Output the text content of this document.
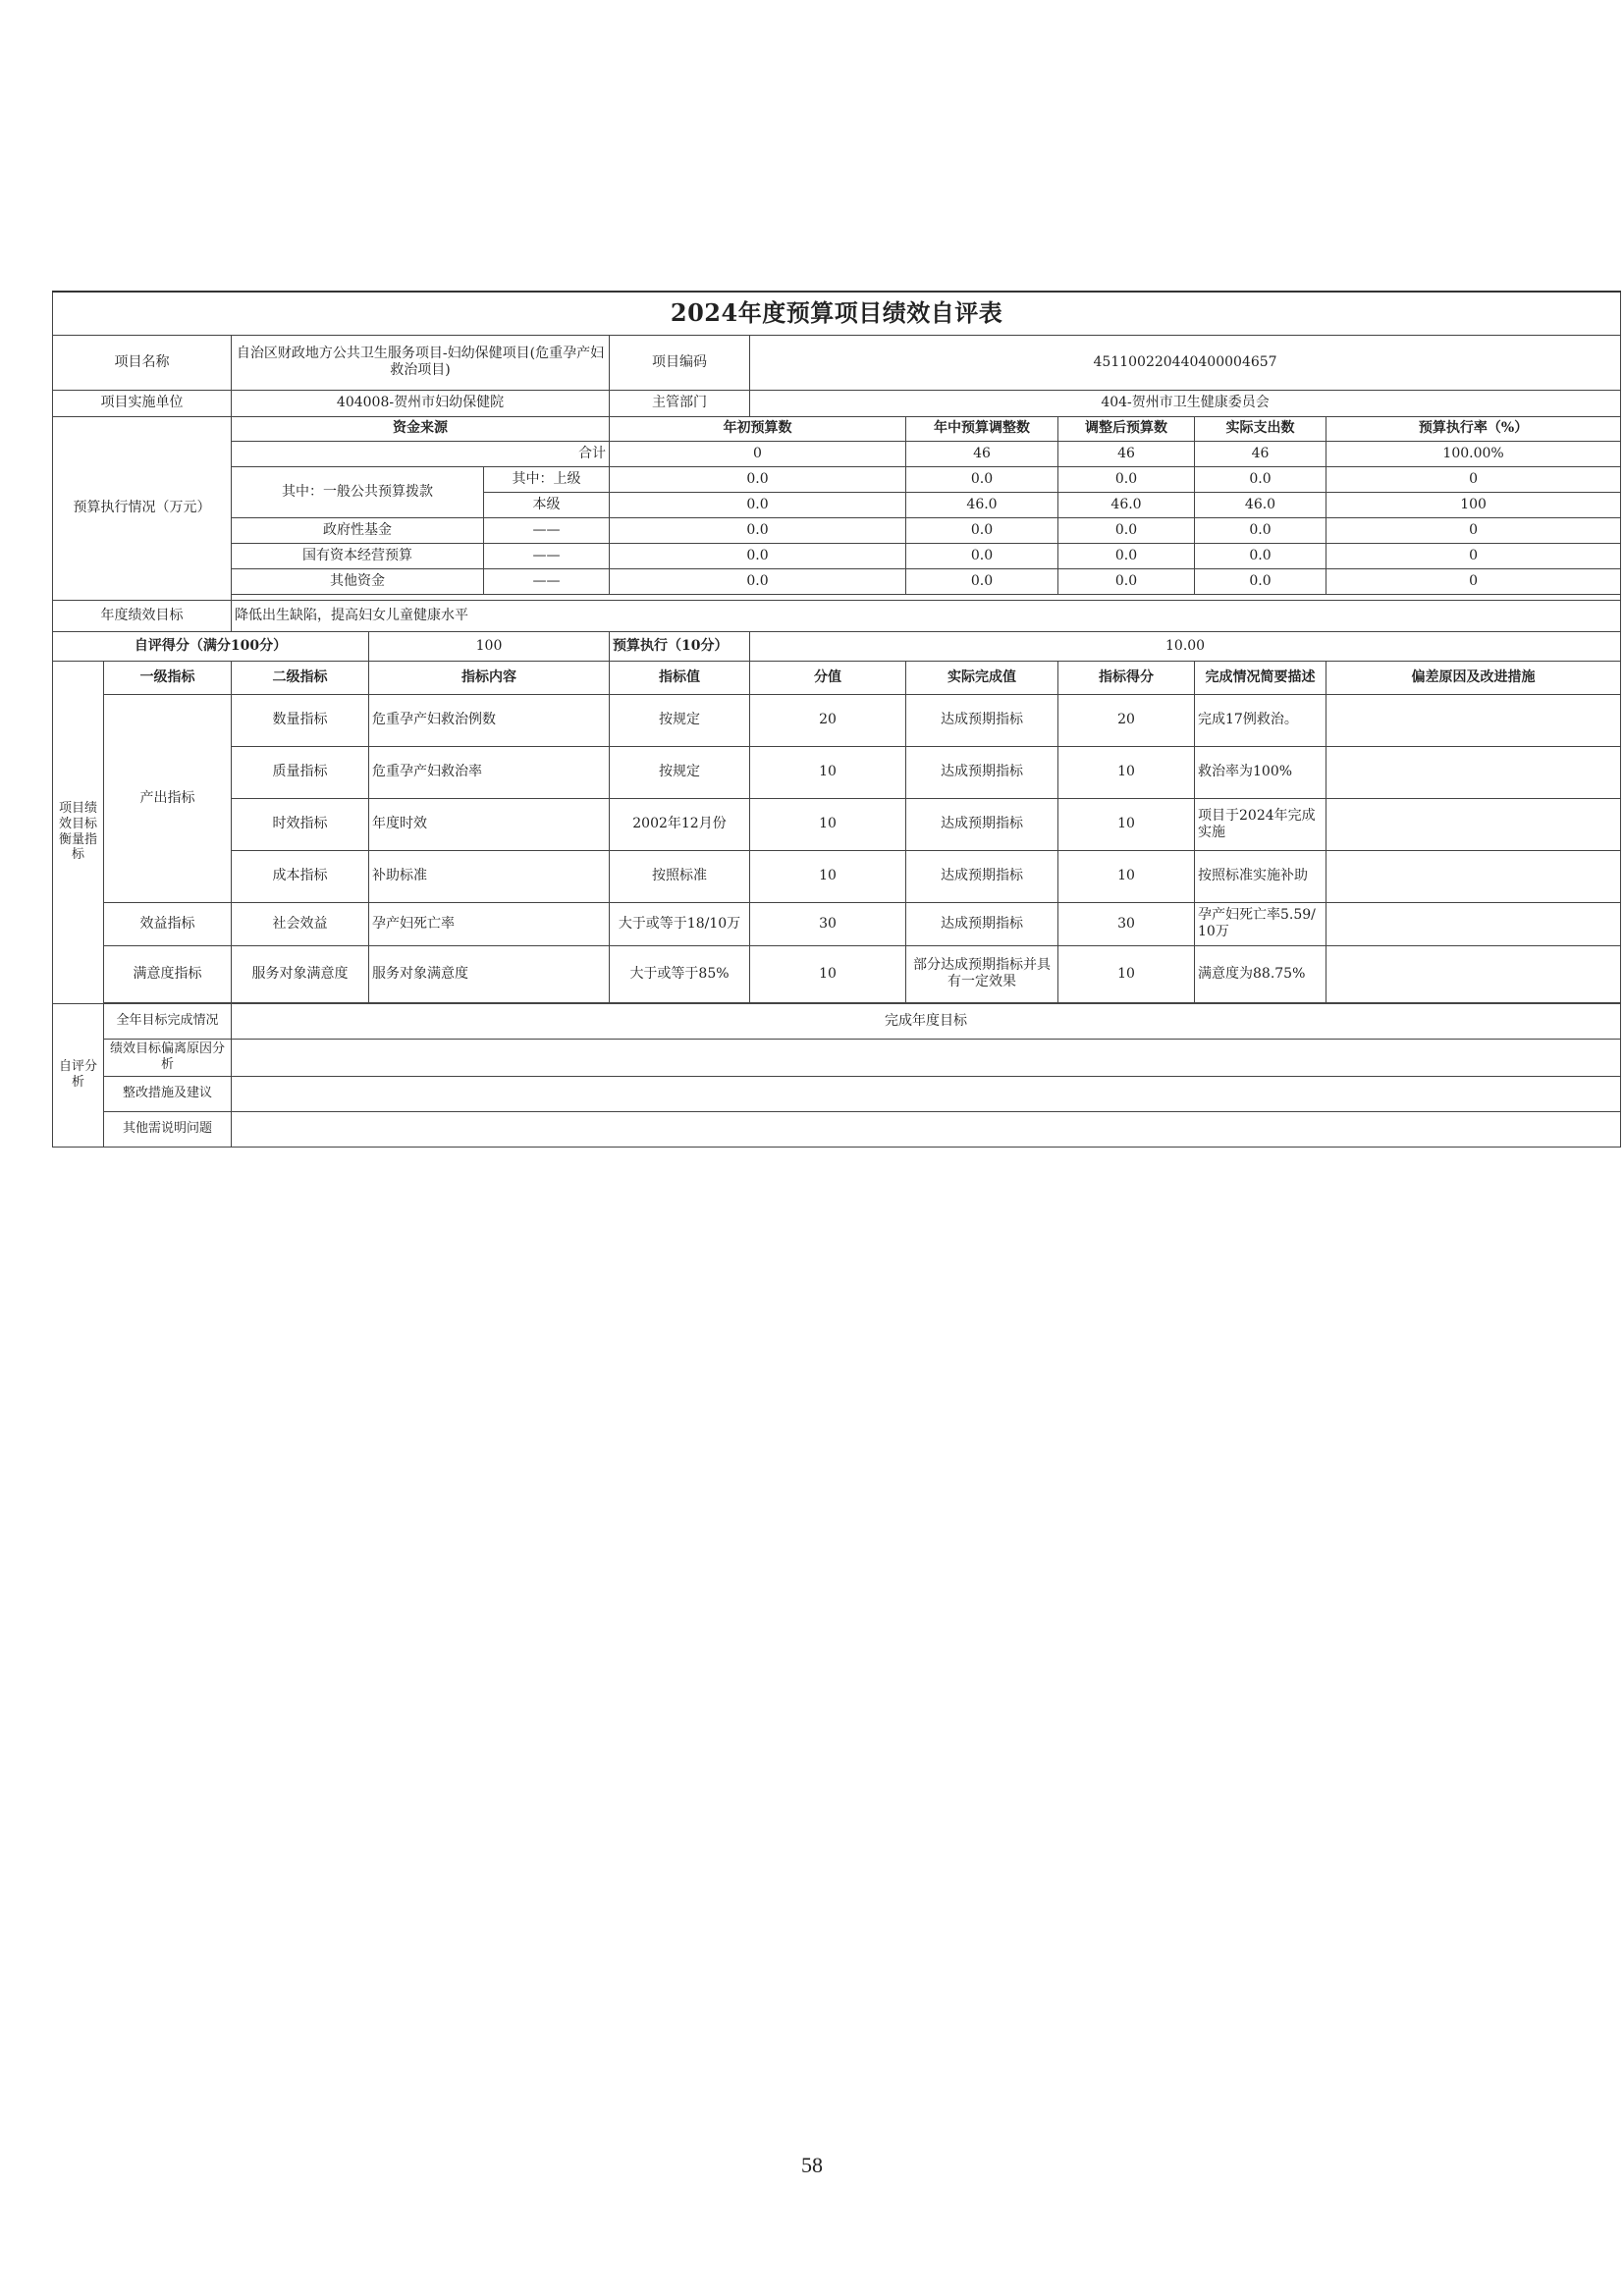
2024年度预算项目绩效自评表										
项目名称		自治区财政地方公共卫生服务项目-妇幼保健项目(危重孕产妇救治项目)			项目编码	451100220440400004657				
项目实施单位		404008-贺州市妇幼保健院			主管部门	404-贺州市卫生健康委员会				
预算执行情况（万元）		资金来源			年初预算数		年中预算调整数	调整后预算数	实际支出数	预算执行率（%）
		合计			0		46	46	46	100.00%
		其中：一般公共预算拨款		其中：上级	0.0		0.0	0.0	0.0	0
				本级	0.0		46.0	46.0	46.0	100
		政府性基金		——	0.0		0.0	0.0	0.0	0
		国有资本经营预算		——	0.0		0.0	0.0	0.0	0
		其他资金		——	0.0		0.0	0.0	0.0	0

年度绩效目标		降低出生缺陷，提高妇女儿童健康水平								
自评得分（满分100分）			100		预算执行（10分）	10.00				
项目绩效目标衡量指标	一级指标	二级指标	指标内容		指标值	分值	实际完成值	指标得分	完成情况简要描述	偏差原因及改进措施
	产出指标	数量指标	危重孕产妇救治例数		按规定	20	达成预期指标	20	完成17例救治。	
		质量指标	危重孕产妇救治率		按规定	10	达成预期指标	10	救治率为100%	
		时效指标	年度时效		2002年12月份	10	达成预期指标	10	项目于2024年完成实施	
		成本指标	补助标准		按照标准	10	达成预期指标	10	按照标准实施补助	
	效益指标	社会效益	孕产妇死亡率		大于或等于18/10万	30	达成预期指标	30	孕产妇死亡率5.59/10万	
	满意度指标	服务对象满意度	服务对象满意度		大于或等于85%	10	部分达成预期指标并具有一定效果	10	满意度为88.75%	

自评分析	全年目标完成情况	完成年度目标								
	绩效目标偏离原因分析									
	整改措施及建议									
	其他需说明问题									
58
